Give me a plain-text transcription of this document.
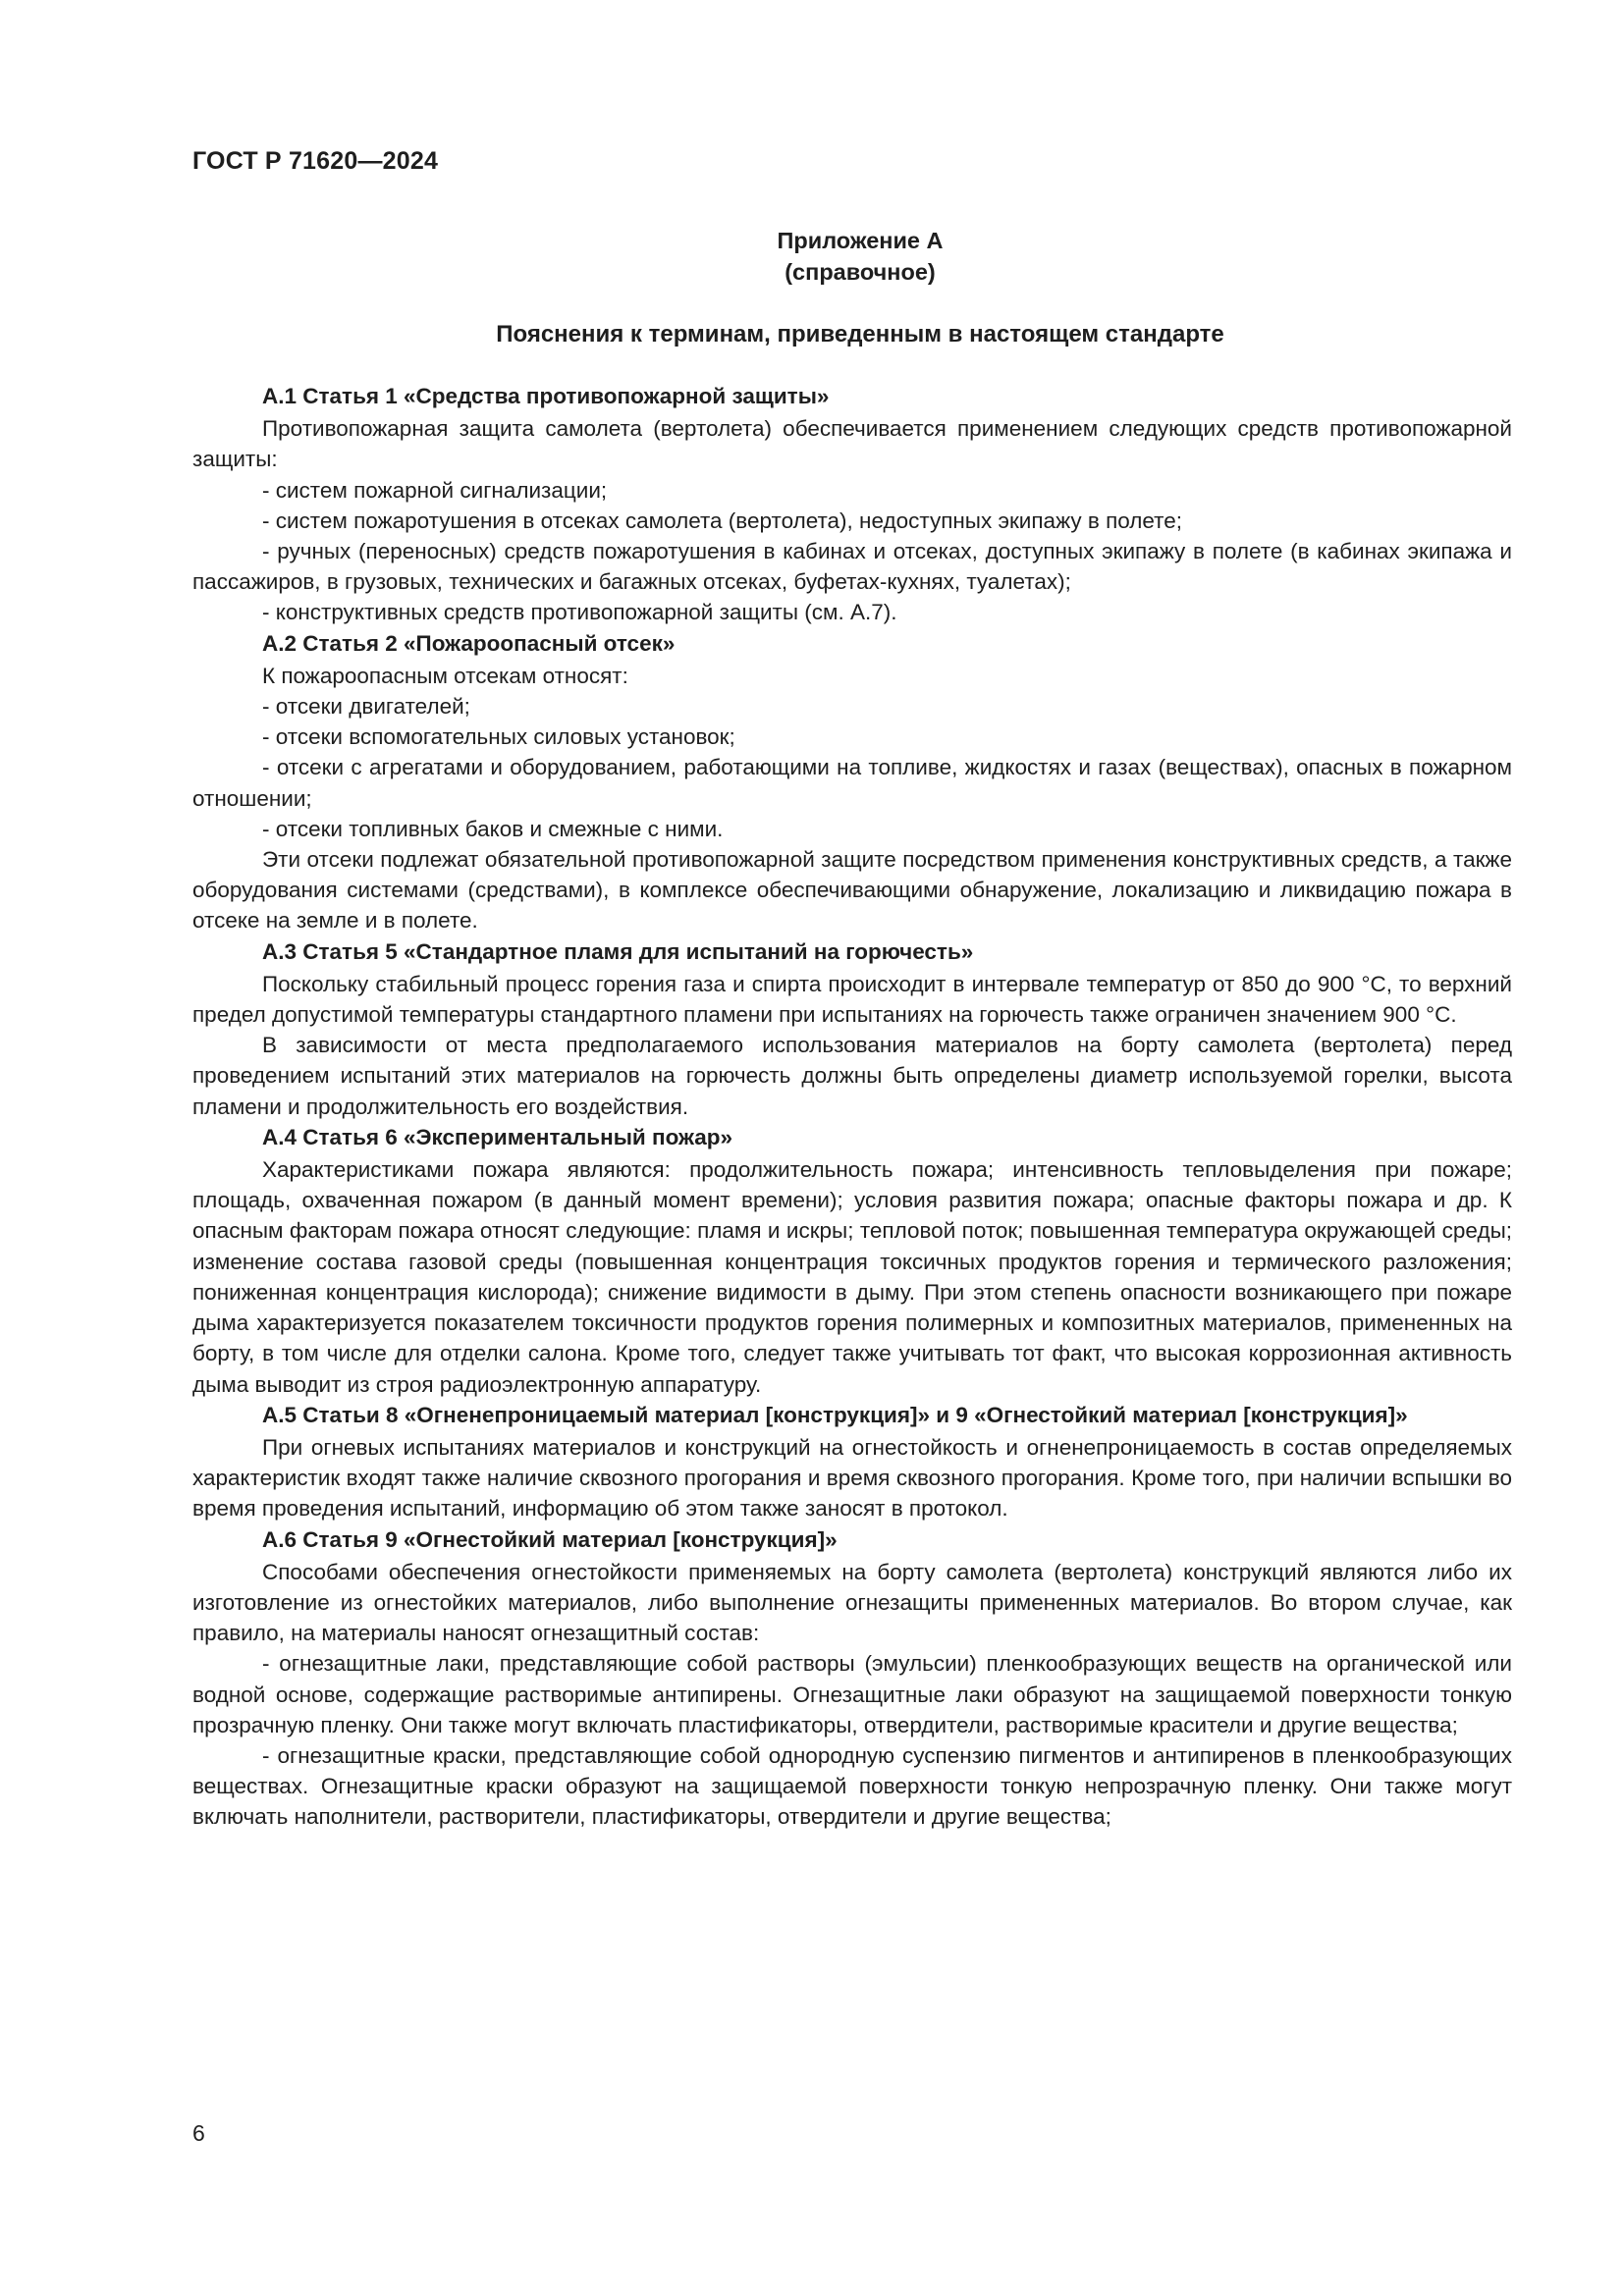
ГОСТ Р 71620—2024
Приложение А
(справочное)
Пояснения к терминам, приведенным в настоящем стандарте
А.1 Статья 1 «Средства противопожарной защиты»

Противопожарная защита самолета (вертолета) обеспечивается применением следующих средств противопожарной защиты:

- систем пожарной сигнализации;

- систем пожаротушения в отсеках самолета (вертолета), недоступных экипажу в полете;

- ручных (переносных) средств пожаротушения в кабинах и отсеках, доступных экипажу в полете (в кабинах экипажа и пассажиров, в грузовых, технических и багажных отсеках, буфетах-кухнях, туалетах);

- конструктивных средств противопожарной защиты (см. А.7).

А.2 Статья 2 «Пожароопасный отсек»

К пожароопасным отсекам относят:

- отсеки двигателей;

- отсеки вспомогательных силовых установок;

- отсеки с агрегатами и оборудованием, работающими на топливе, жидкостях и газах (веществах), опасных в пожарном отношении;

- отсеки топливных баков и смежные с ними.

Эти отсеки подлежат обязательной противопожарной защите посредством применения конструктивных средств, а также оборудования системами (средствами), в комплексе обеспечивающими обнаружение, локализацию и ликвидацию пожара в отсеке на земле и в полете.

А.3 Статья 5 «Стандартное пламя для испытаний на горючесть»

Поскольку стабильный процесс горения газа и спирта происходит в интервале температур от 850 до 900 °С, то верхний предел допустимой температуры стандартного пламени при испытаниях на горючесть также ограничен значением 900 °С.

В зависимости от места предполагаемого использования материалов на борту самолета (вертолета) перед проведением испытаний этих материалов на горючесть должны быть определены диаметр используемой горелки, высота пламени и продолжительность его воздействия.

А.4 Статья 6 «Экспериментальный пожар»

Характеристиками пожара являются: продолжительность пожара; интенсивность тепловыделения при пожаре; площадь, охваченная пожаром (в данный момент времени); условия развития пожара; опасные факторы пожара и др. К опасным факторам пожара относят следующие: пламя и искры; тепловой поток; повышенная температура окружающей среды; изменение состава газовой среды (повышенная концентрация токсичных продуктов горения и термического разложения; пониженная концентрация кислорода); снижение видимости в дыму. При этом степень опасности возникающего при пожаре дыма характеризуется показателем токсичности продуктов горения полимерных и композитных материалов, примененных на борту, в том числе для отделки салона. Кроме того, следует также учитывать тот факт, что высокая коррозионная активность дыма выводит из строя радиоэлектронную аппаратуру.

А.5 Статьи 8 «Огненепроницаемый материал [конструкция]» и 9 «Огнестойкий материал [конструкция]»

При огневых испытаниях материалов и конструкций на огнестойкость и огненепроницаемость в состав определяемых характеристик входят также наличие сквозного прогорания и время сквозного прогорания. Кроме того, при наличии вспышки во время проведения испытаний, информацию об этом также заносят в протокол.

А.6 Статья 9 «Огнестойкий материал [конструкция]»

Способами обеспечения огнестойкости применяемых на борту самолета (вертолета) конструкций являются либо их изготовление из огнестойких материалов, либо выполнение огнезащиты примененных материалов. Во втором случае, как правило, на материалы наносят огнезащитный состав:

- огнезащитные лаки, представляющие собой растворы (эмульсии) пленкообразующих веществ на органической или водной основе, содержащие растворимые антипирены. Огнезащитные лаки образуют на защищаемой поверхности тонкую прозрачную пленку. Они также могут включать пластификаторы, отвердители, растворимые красители и другие вещества;

- огнезащитные краски, представляющие собой однородную суспензию пигментов и антипиренов в пленкообразующих веществах. Огнезащитные краски образуют на защищаемой поверхности тонкую непрозрачную пленку. Они также могут включать наполнители, растворители, пластификаторы, отвердители и другие вещества;

6
